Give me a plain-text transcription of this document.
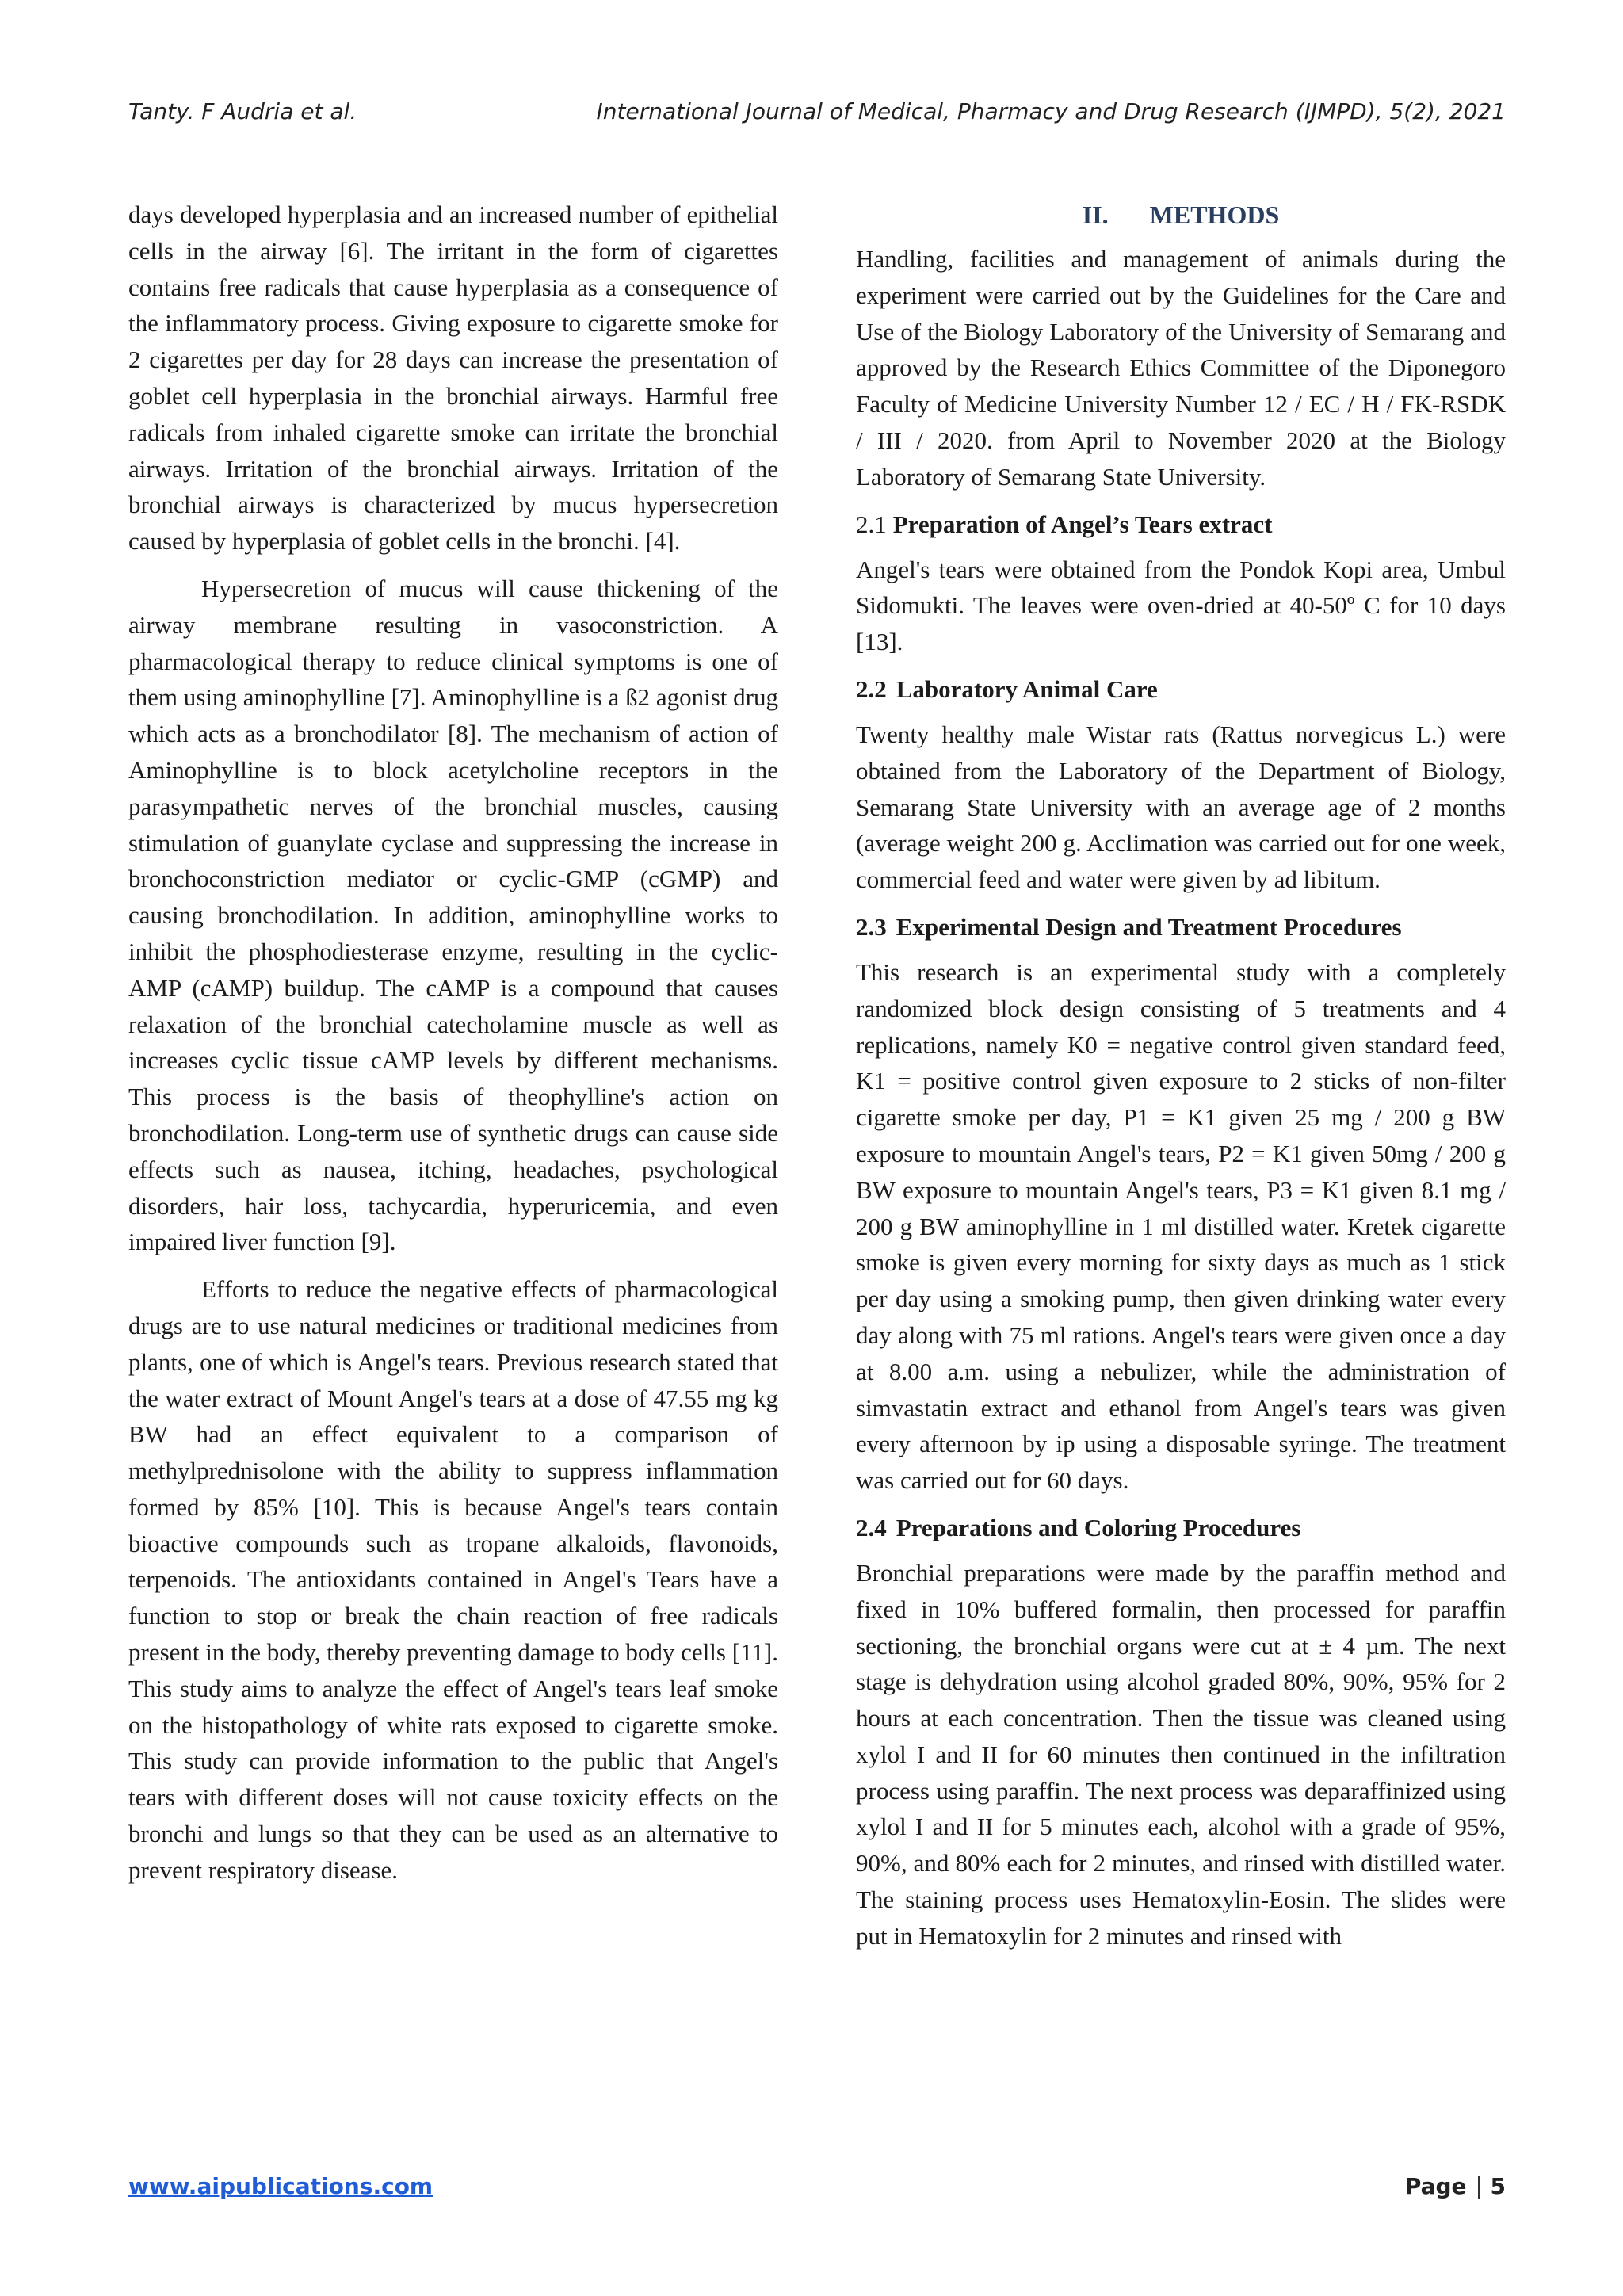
Tanty. F Audria et al.	International Journal of Medical, Pharmacy and Drug Research (IJMPD), 5(2), 2021

days developed hyperplasia and an increased number of epithelial cells in the airway [6]. The irritant in the form of cigarettes contains free radicals that cause hyperplasia as a consequence of the inflammatory process. Giving exposure to cigarette smoke for 2 cigarettes per day for 28 days can increase the presentation of goblet cell hyperplasia in the bronchial airways. Harmful free radicals from inhaled cigarette smoke can irritate the bronchial airways. Irritation of the bronchial airways. Irritation of the bronchial airways is characterized by mucus hypersecretion caused by hyperplasia of goblet cells in the bronchi. [4].

Hypersecretion of mucus will cause thickening of the airway membrane resulting in vasoconstriction. A pharmacological therapy to reduce clinical symptoms is one of them using aminophylline [7]. Aminophylline is a ß2 agonist drug which acts as a bronchodilator [8]. The mechanism of action of Aminophylline is to block acetylcholine receptors in the parasympathetic nerves of the bronchial muscles, causing stimulation of guanylate cyclase and suppressing the increase in bronchoconstriction mediator or cyclic-GMP (cGMP) and causing bronchodilation. In addition, aminophylline works to inhibit the phosphodiesterase enzyme, resulting in the cyclic-AMP (cAMP) buildup. The cAMP is a compound that causes relaxation of the bronchial catecholamine muscle as well as increases cyclic tissue cAMP levels by different mechanisms. This process is the basis of theophylline's action on bronchodilation. Long-term use of synthetic drugs can cause side effects such as nausea, itching, headaches, psychological disorders, hair loss, tachycardia, hyperuricemia, and even impaired liver function [9].

Efforts to reduce the negative effects of pharmacological drugs are to use natural medicines or traditional medicines from plants, one of which is Angel's tears. Previous research stated that the water extract of Mount Angel's tears at a dose of 47.55 mg kg BW had an effect equivalent to a comparison of methylprednisolone with the ability to suppress inflammation formed by 85% [10]. This is because Angel's tears contain bioactive compounds such as tropane alkaloids, flavonoids, terpenoids. The antioxidants contained in Angel's Tears have a function to stop or break the chain reaction of free radicals present in the body, thereby preventing damage to body cells [11]. This study aims to analyze the effect of Angel's tears leaf smoke on the histopathology of white rats exposed to cigarette smoke. This study can provide information to the public that Angel's tears with different doses will not cause toxicity effects on the bronchi and lungs so that they can be used as an alternative to prevent respiratory disease.

II. METHODS

Handling, facilities and management of animals during the experiment were carried out by the Guidelines for the Care and Use of the Biology Laboratory of the University of Semarang and approved by the Research Ethics Committee of the Diponegoro Faculty of Medicine University Number 12 / EC / H / FK-RSDK / III / 2020. from April to November 2020 at the Biology Laboratory of Semarang State University.

2.1 Preparation of Angel’s Tears extract

Angel's tears were obtained from the Pondok Kopi area, Umbul Sidomukti. The leaves were oven-dried at 40-50º C for 10 days [13].

2.2 Laboratory Animal Care

Twenty healthy male Wistar rats (Rattus norvegicus L.) were obtained from the Laboratory of the Department of Biology, Semarang State University with an average age of 2 months (average weight 200 g. Acclimation was carried out for one week, commercial feed and water were given by ad libitum.

2.3 Experimental Design and Treatment Procedures

This research is an experimental study with a completely randomized block design consisting of 5 treatments and 4 replications, namely K0 = negative control given standard feed, K1 = positive control given exposure to 2 sticks of non-filter cigarette smoke per day, P1 = K1 given 25 mg / 200 g BW exposure to mountain Angel's tears, P2 = K1 given 50mg / 200 g BW exposure to mountain Angel's tears, P3 = K1 given 8.1 mg / 200 g BW aminophylline in 1 ml distilled water. Kretek cigarette smoke is given every morning for sixty days as much as 1 stick per day using a smoking pump, then given drinking water every day along with 75 ml rations. Angel's tears were given once a day at 8.00 a.m. using a nebulizer, while the administration of simvastatin extract and ethanol from Angel's tears was given every afternoon by ip using a disposable syringe. The treatment was carried out for 60 days.

2.4 Preparations and Coloring Procedures

Bronchial preparations were made by the paraffin method and fixed in 10% buffered formalin, then processed for paraffin sectioning, the bronchial organs were cut at ± 4 µm. The next stage is dehydration using alcohol graded 80%, 90%, 95% for 2 hours at each concentration. Then the tissue was cleaned using xylol I and II for 60 minutes then continued in the infiltration process using paraffin. The next process was deparaffinized using xylol I and II for 5 minutes each, alcohol with a grade of 95%, 90%, and 80% each for 2 minutes, and rinsed with distilled water. The staining process uses Hematoxylin-Eosin. The slides were put in Hematoxylin for 2 minutes and rinsed with

www.aipublications.com	Page 5
